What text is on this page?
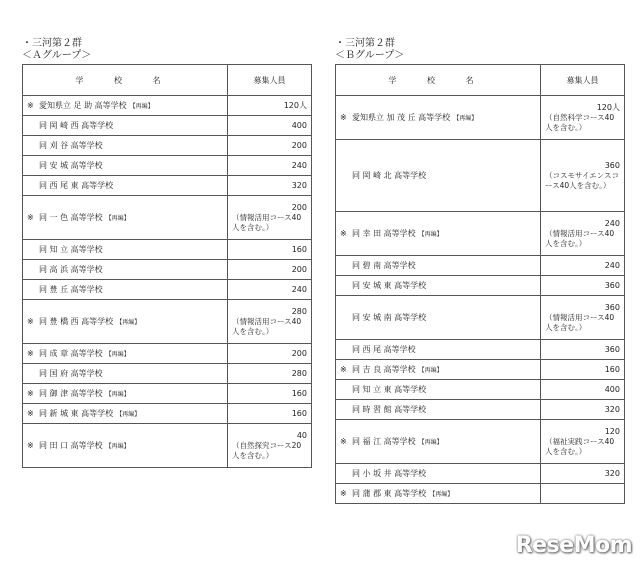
・三河第２群
＜Ａグループ＞
学 校 名	募集人員
※ 愛知県立 足 助 高等学校 【再編】	120人

同 岡 崎 西 高等学校	400

同 刈 谷 高等学校	200

同 安 城 高等学校	240

同 西 尾 東 高等学校	320

※ 同 一 色 高等学校 【再編】	200
（情報活用コース40人を含む。）

同 知 立 高等学校	160

同 高 浜 高等学校	200

同 豊 丘 高等学校	240

※ 同 豊 橋 西 高等学校 【再編】	280
（情報活用コース40人を含む。）

※ 同 成 章 高等学校 【再編】	200

同 国 府 高等学校	280

※ 同 御 津 高等学校 【再編】	160

※ 同 新 城 東 高等学校 【再編】	160

※ 同 田 口 高等学校 【再編】	40
（自然探究コース20人を含む。）
・三河第２群
＜Ｂグループ＞
学 校 名	募集人員
※ 愛知県立 加 茂 丘 高等学校 【再編】	120人
（自然科学コース40人を含む。）

同 岡 崎 北 高等学校	360
（コスモサイエンスコース40人を含む。）

※ 同 幸 田 高等学校 【再編】	240
（情報活用コース40人を含む。）

同 碧 南 高等学校	240

同 安 城 東 高等学校	360

同 安 城 南 高等学校	360
（情報活用コース40人を含む。）

同 西 尾 高等学校	360

※ 同 吉 良 高等学校 【再編】	160

同 知 立 東 高等学校	400

同 時 習 館 高等学校	320

※ 同 福 江 高等学校 【再編】	120
（福祉実践コース40人を含む。）

同 小 坂 井 高等学校	320

※ 同 蒲 郡 東 高等学校 【再編】	
ReseMom
